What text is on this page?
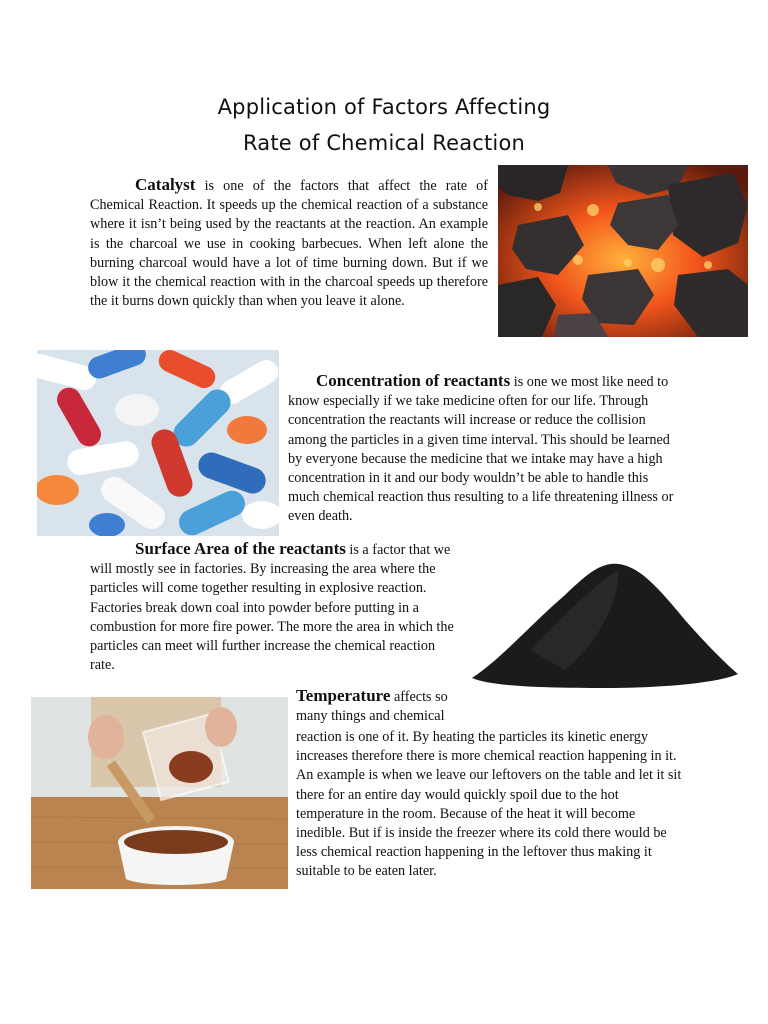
Application of Factors Affecting
Rate of Chemical Reaction

Catalyst is one of the factors that affect the rate of Chemical Reaction. It speeds up the chemical reaction of a substance where it isn’t being used by the reactants at the reaction. An example is the charcoal we use in cooking barbecues. When left alone the burning charcoal would have a lot of time burning down. But if we blow it the chemical reaction with in the charcoal speeds up therefore the it burns down quickly than when you leave it alone.

Concentration of reactants is one we most like need to know especially if we take medicine often for our life. Through concentration the reactants will increase or reduce the collision among the particles in a given time interval. This should be learned by everyone because the medicine that we intake may have a high concentration in it and our body wouldn’t be able to handle this much chemical reaction thus resulting to a life threatening illness or even death.

Surface Area of the reactants is a factor that we will mostly see in factories. By increasing the area where the particles will come together resulting in explosive reaction. Factories break down coal into powder before putting in a combustion for more fire power. The more the area in which the particles can meet will further increase the chemical reaction rate.

Temperature affects so many things and chemical

reaction is one of it. By heating the particles its kinetic energy increases therefore there is more chemical reaction happening in it. An example is when we leave our leftovers on the table and let it sit there for an entire day would quickly spoil due to the hot temperature in the room. Because of the heat it will become inedible. But if is inside the freezer where its cold there would be less chemical reaction happening in the leftover thus making it suitable to be eaten later.
